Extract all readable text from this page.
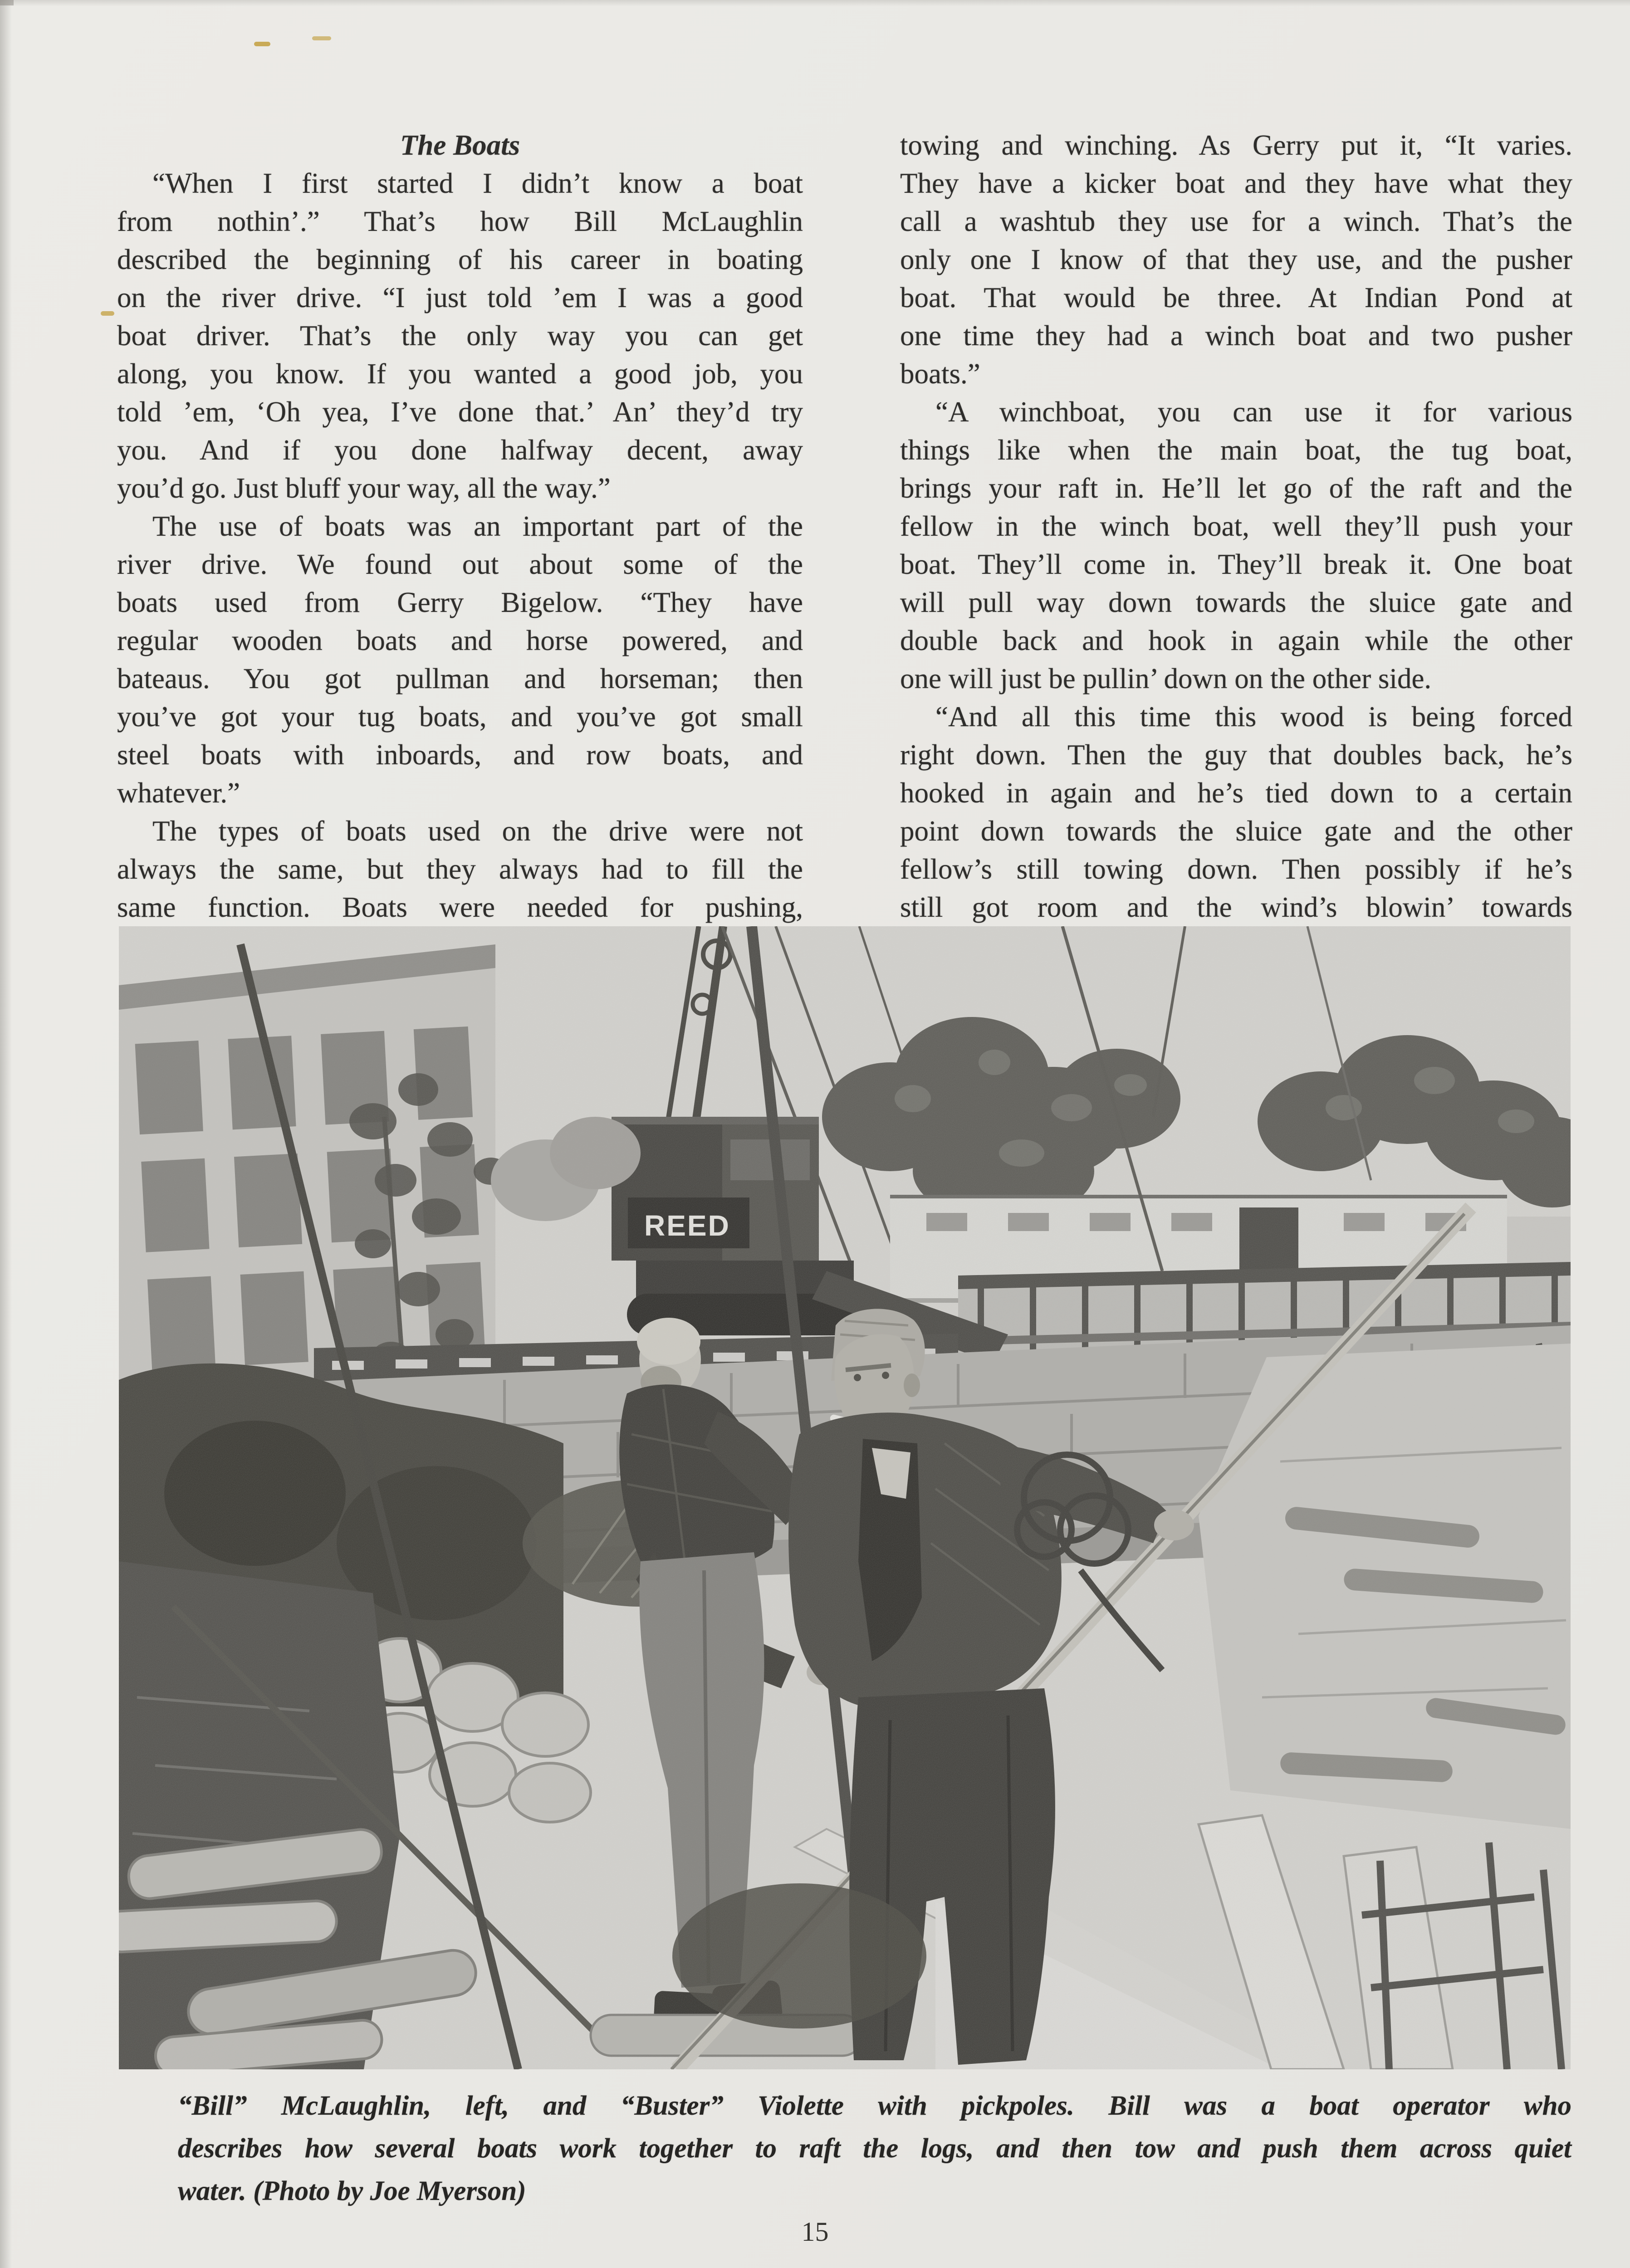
The Boats
“When I first started I didn’t know a boat
from nothin’.” That’s how Bill McLaughlin
described the beginning of his career in boating
on the river drive. “I just told ’em I was a good
boat driver. That’s the only way you can get
along, you know. If you wanted a good job, you
told ’em, ‘Oh yea, I’ve done that.’ An’ they’d try
you. And if you done halfway decent, away
you’d go. Just bluff your way, all the way.”
The use of boats was an important part of the
river drive. We found out about some of the
boats used from Gerry Bigelow. “They have
regular wooden boats and horse powered, and
bateaus. You got pullman and horseman; then
you’ve got your tug boats, and you’ve got small
steel boats with inboards, and row boats, and
whatever.”
The types of boats used on the drive were not
always the same, but they always had to fill the
same function. Boats were needed for pushing,
towing and winching. As Gerry put it, “It varies.
They have a kicker boat and they have what they
call a washtub they use for a winch. That’s the
only one I know of that they use, and the pusher
boat. That would be three. At Indian Pond at
one time they had a winch boat and two pusher
boats.”
“A winchboat, you can use it for various
things like when the main boat, the tug boat,
brings your raft in. He’ll let go of the raft and the
fellow in the winch boat, well they’ll push your
boat. They’ll come in. They’ll break it. One boat
will pull way down towards the sluice gate and
double back and hook in again while the other
one will just be pullin’ down on the other side.
“And all this time this wood is being forced
right down. Then the guy that doubles back, he’s
hooked in again and he’s tied down to a certain
point down towards the sluice gate and the other
fellow’s still towing down. Then possibly if he’s
still got room and the wind’s blowin’ towards
REED
“Bill” McLaughlin, left, and “Buster” Violette with pickpoles. Bill was a boat operator who
describes how several boats work together to raft the logs, and then tow and push them across quiet
water. (Photo by Joe Myerson)
15
